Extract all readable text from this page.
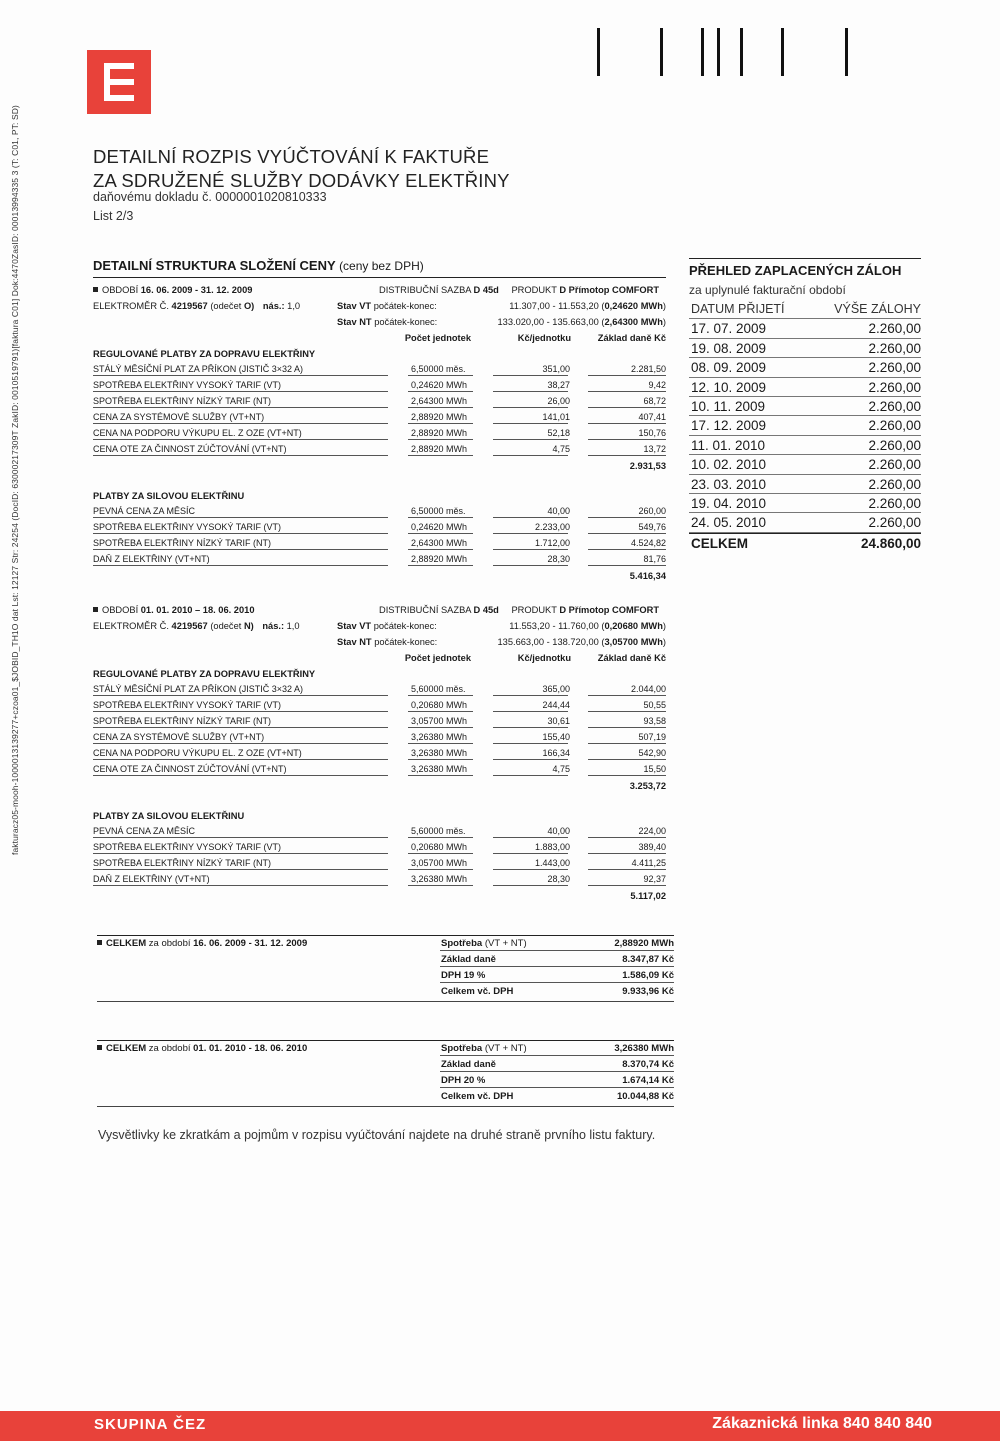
fakturacz05-mooh-1000013139277+czoa01_$JOBID_TH1O dat Lst: 12127 Str: 24254 (DocID: 63000217309T ZakID: 0010519791)[faktura C01] Dok:4470ZasID: 00013994335 3 (T: C01, PT: SD)	DETAILNÍ ROZPIS VYÚČTOVÁNÍ K FAKTUŘE
ZA SDRUŽENÉ SLUŽBY DODÁVKY ELEKTŘINY
daňovému dokladu č. 0000001020810333
List 2/3
DETAILNÍ STRUKTURA SLOŽENÍ CENY (ceny bez DPH)
OBDOBÍ 16. 06. 2009 - 31. 12. 2009	DISTRIBUČNÍ SAZBA D 45d PRODUKT D Přímotop COMFORT
ELEKTROMĚR Č. 4219567 (odečet O) nás.: 1,0	Stav VT počátek-konec:	11.307,00 - 11.553,20 (0,24620 MWh)
Stav NT počátek-konec:	133.020,00 - 135.663,00 (2,64300 MWh)
Počet jednotek	Kč/jednotku	Základ daně Kč
REGULOVANÉ PLATBY ZA DOPRAVU ELEKTŘINY
STÁLÝ MĚSÍČNÍ PLAT ZA PŘÍKON (JISTIČ 3×32 A)	6,50000 měs.	351,00	2.281,50
SPOTŘEBA ELEKTŘINY VYSOKÝ TARIF (VT)	0,24620 MWh	38,27	9,42
SPOTŘEBA ELEKTŘINY NÍZKÝ TARIF (NT)	2,64300 MWh	26,00	68,72
CENA ZA SYSTÉMOVÉ SLUŽBY (VT+NT)	2,88920 MWh	141,01	407,41
CENA NA PODPORU VÝKUPU EL. Z OZE (VT+NT)	2,88920 MWh	52,18	150,76
CENA OTE ZA ČINNOST ZÚČTOVÁNÍ (VT+NT)	2,88920 MWh	4,75	13,72
2.931,53
PLATBY ZA SILOVOU ELEKTŘINU
PEVNÁ CENA ZA MĚSÍC	6,50000 měs.	40,00	260,00
SPOTŘEBA ELEKTŘINY VYSOKÝ TARIF (VT)	0,24620 MWh	2.233,00	549,76
SPOTŘEBA ELEKTŘINY NÍZKÝ TARIF (NT)	2,64300 MWh	1.712,00	4.524,82
DAŇ Z ELEKTŘINY (VT+NT)	2,88920 MWh	28,30	81,76
5.416,34
OBDOBÍ 01. 01. 2010 – 18. 06. 2010	DISTRIBUČNÍ SAZBA D 45d PRODUKT D Přímotop COMFORT
ELEKTROMĚR Č. 4219567 (odečet N) nás.: 1,0	Stav VT počátek-konec:	11.553,20 - 11.760,00 (0,20680 MWh)
Stav NT počátek-konec:	135.663,00 - 138.720,00 (3,05700 MWh)
Počet jednotek	Kč/jednotku	Základ daně Kč
REGULOVANÉ PLATBY ZA DOPRAVU ELEKTŘINY
STÁLÝ MĚSÍČNÍ PLAT ZA PŘÍKON (JISTIČ 3×32 A)	5,60000 měs.	365,00	2.044,00
SPOTŘEBA ELEKTŘINY VYSOKÝ TARIF (VT)	0,20680 MWh	244,44	50,55
SPOTŘEBA ELEKTŘINY NÍZKÝ TARIF (NT)	3,05700 MWh	30,61	93,58
CENA ZA SYSTÉMOVÉ SLUŽBY (VT+NT)	3,26380 MWh	155,40	507,19
CENA NA PODPORU VÝKUPU EL. Z OZE (VT+NT)	3,26380 MWh	166,34	542,90
CENA OTE ZA ČINNOST ZÚČTOVÁNÍ (VT+NT)	3,26380 MWh	4,75	15,50
3.253,72
PLATBY ZA SILOVOU ELEKTŘINU
PEVNÁ CENA ZA MĚSÍC	5,60000 měs.	40,00	224,00
SPOTŘEBA ELEKTŘINY VYSOKÝ TARIF (VT)	0,20680 MWh	1.883,00	389,40
SPOTŘEBA ELEKTŘINY NÍZKÝ TARIF (NT)	3,05700 MWh	1.443,00	4.411,25
DAŇ Z ELEKTŘINY (VT+NT)	3,26380 MWh	28,30	92,37
5.117,02
CELKEM za období 16. 06. 2009 - 31. 12. 2009	Spotřeba (VT + NT)	2,88920 MWh
Základ daně	8.347,87 Kč
DPH 19 %	1.586,09 Kč
Celkem vč. DPH	9.933,96 Kč
CELKEM za období 01. 01. 2010 - 18. 06. 2010	Spotřeba (VT + NT)	3,26380 MWh
Základ daně	8.370,74 Kč
DPH 20 %	1.674,14 Kč
Celkem vč. DPH	10.044,88 Kč
PŘEHLED ZAPLACENÝCH ZÁLOH
za uplynulé fakturační období
DATUM PŘIJETÍ	VÝŠE ZÁLOHY
17. 07. 2009	2.260,00
19. 08. 2009	2.260,00
08. 09. 2009	2.260,00
12. 10. 2009	2.260,00
10. 11. 2009	2.260,00
17. 12. 2009	2.260,00
11. 01. 2010	2.260,00
10. 02. 2010	2.260,00
23. 03. 2010	2.260,00
19. 04. 2010	2.260,00
24. 05. 2010	2.260,00
CELKEM	24.860,00
Vysvětlivky ke zkratkám a pojmům v rozpisu vyúčtování najdete na druhé straně prvního listu faktury.
SKUPINA ČEZ	Zákaznická linka 840 840 840
